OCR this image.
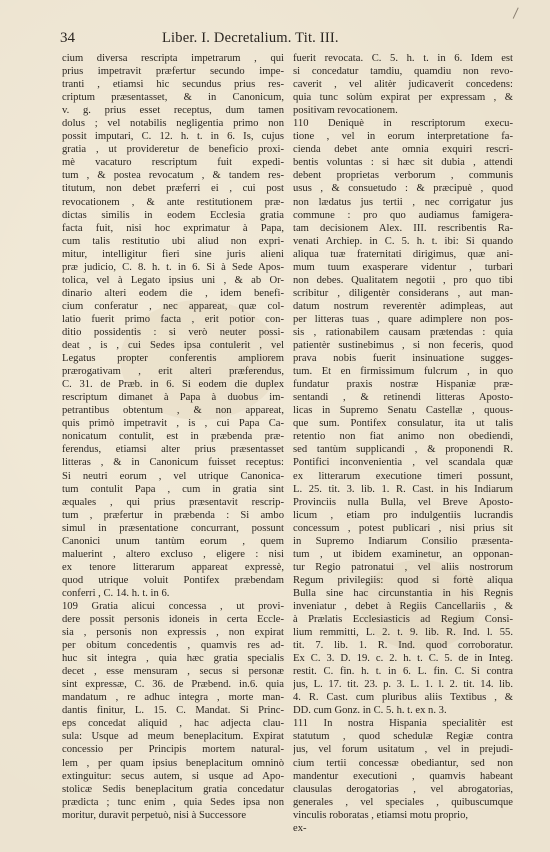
34	Liber. I. Decretalium. Tit. III.
cium diversa rescripta impetrarum , qui
prius impetravit præfertur secundo impe-
tranti , etiamsi hic secundus prius res-
criptum præsentasset, & in Canonicum,
v. g. prius esset receptus, dum tamen
dolus ; vel notabilis negligentia primo non
possit imputari, C. 12. h. t. in 6. Is, cujus
gratia , ut provideretur de beneficio proxi-
mè vacaturo rescriptum fuit expedi-
tum , & postea revocatum , & tandem res-
titutum, non debet præferri ei , cui post
revocationem , & ante restitutionem præ-
dictas similis in eodem Ecclesia gratia
facta fuit, nisi hoc exprimatur à Papa,
cum talis restitutio ubi aliud non expri-
mitur, intelligitur fieri sine juris alieni
præ judicio, C. 8. h. t. in 6. Si à Sede Apos-
tolica, vel à Legato ipsius uni , & ab Or-
dinario alteri eodem die , idem benefi-
cium conferatur , nec appareat, quæ col-
latio fuerit primo facta , erit potior con-
ditio possidentis : si verò neuter possi-
deat , is , cui Sedes ipsa contulerit , vel
Legatus propter conferentis ampliorem
prærogativam , erit alteri præferendus,
C. 31. de Præb. in 6. Si eodem die duplex
rescriptum dimanet à Papa à duobus im-
petrantibus obtentum , & non appareat,
quis primò impetravit , is , cui Papa Ca-
nonicatum contulit, est in præbenda præ-
ferendus, etiamsi alter prius præsentasset
litteras , & in Canonicum fuisset receptus:
Si neutri eorum , vel utrique Canonica-
tum contulit Papa , cum in gratia sint
æquales , qui prius præsentavit rescrip-
tum , præfertur in præbenda : Si ambo
simul in præsentatione concurrant, possunt
Canonici unum tantùm eorum , quem
maluerint , altero excluso , eligere : nisi
ex tenore litterarum appareat expressè,
quod utrique voluit Pontifex præbendam
conferri , C. 14. h. t. in 6.
109 Gratia alicui concessa , ut provi-
dere possit personis idoneis in certa Eccle-
sia , personis non expressis , non expirat
per obitum concedentis , quamvis res ad-
huc sit integra , quia hæc gratia specialis
decet , esse mensuram , secus si personæ
sint expressæ, C. 36. de Præbend. in.6. quia
mandatum , re adhuc integra , morte man-
dantis finitur, L. 15. C. Mandat. Si Princ-
eps concedat aliquid , hac adjecta clau-
sula: Usque ad meum beneplacitum. Expirat
concessio per Principis mortem natural-
lem , per quam ipsius beneplacitum omninò
extinguitur: secus autem, si usque ad Apo-
stolicæ Sedis beneplacitum gratia concedatur
prædicta ; tunc enim , quia Sedes ipsa non
moritur, duravit perpetuò, nisi à Successore
fuerit revocata. C. 5. h. t. in 6. Idem est
si concedatur tamdiu, quamdiu non revo-
caverit , vel alitèr judicaverit concedens:
quia tunc solùm expirat per expressam , &
positivam revocationem.
110 Deniquè in rescriptorum execu-
tione , vel in eorum interpretatione fa-
cienda debet ante omnia exquiri rescri-
bentis voluntas : si hæc sit dubia , attendi
debent proprietas verborum , communis
usus , & consuetudo : & præcipuè , quod
non lædatus jus tertii , nec corrigatur jus
commune : pro quo audiamus famigera-
tam decisionem Alex. III. rescribentis Ra-
venati Archiep. in C. 5. h. t. ibi: Si quando
aliqua tuæ fraternitati dirigimus, quæ ani-
mum tuum exasperare videntur , turbari
non debes. Qualitatem negotii , pro quo tibi
scribitur , diligentèr considerans , aut man-
datum nostrum reverentèr adimpleas, aut
per litteras tuas , quare adimplere non pos-
sis , rationabilem causam prætendas : quia
patientèr sustinebimus , si non feceris, quod
prava nobis fuerit insinuatione sugges-
tum. Et en firmissimum fulcrum , in quo
fundatur praxis nostræ Hispaniæ præ-
sentandi , & retinendi litteras Aposto-
licas in Supremo Senatu Castellæ , quous-
que sum. Pontifex consulatur, ita ut talis
retentio non fiat animo non obediendi,
sed tantùm supplicandi , & proponendi R.
Pontifici inconvenientia , vel scandala quæ
ex litterarum executione timeri possunt,
L. 25. tit. 3. lib. 1. R. Cast. in his Indiarum
Provinciis nulla Bulla, vel Breve Aposto-
licum , etiam pro indulgentiis lucrandis
concessum , potest publicari , nisi prius sit
in Supremo Indiarum Consilio præsenta-
tum , ut ibidem examinetur, an opponan-
tur Regio patronatui , vel aliis nostrorum
Regum privilegiis: quod si fortè aliqua
Bulla sine hac circunstantia in his Regnis
inveniatur , debet à Regiis Cancellariis , &
à Prælatis Ecclesiasticis ad Regium Consi-
lium remmitti, L. 2. t. 9. lib. R. Ind. l. 55.
tit. 7. lib. 1. R. Ind. quod corroboratur.
Ex C. 3. D. 19. c. 2. h. t. C. 5. de in Integ.
restit. C. fin. h. t. in 6. L. fin. C. Si contra
jus, L. 17. tit. 23. p. 3. L. 1. l. 2. tit. 14. lib.
4. R. Cast. cum pluribus aliis Textibus , &
DD. cum Gonz. in C. 5. h. t. ex n. 3.
111 In nostra Hispania specialitèr est
statutum , quod schedulæ Regiæ contra
jus, vel forum usitatum , vel in prejudi-
cium tertii concessæ obediantur, sed non
mandentur executioni , quamvis habeant
clausulas derogatorias , vel abrogatorias,
generales , vel speciales , quibuscumque
vinculis roboratas , etiamsi motu proprio,
ex-
